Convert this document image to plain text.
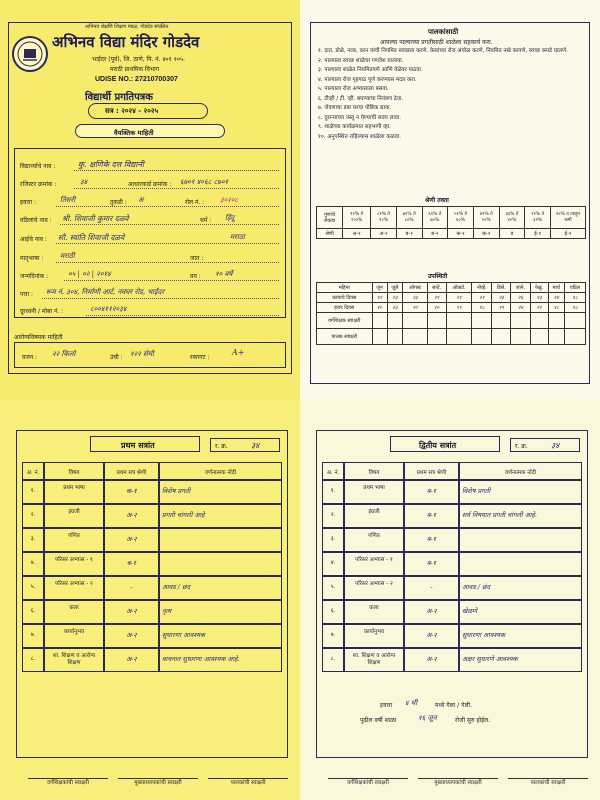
अभिनव शेक्षणि शिक्षण मंडळ, गोडदेव संचलित
अभिनव विद्या मंदिर गोडदेव
भाईंदर (पूर्व), जि. ठाणे, पि. नं. ४०१ १०५.
मराठी प्राथमिक विभाग
UDISE NO.: 27210700307
विद्यार्थी प्रगतिपत्रक
सत्र : २०२४ - २०२५
वैयक्तिक माहिती
विद्यार्थ्याचे नाव :	कु. क्षणिके दत्त विद्यानी
रजिस्टर क्रमांक :	३४	आधारकार्ड क्रमांक : ६७०१ ४०६८ ८७०१
इयत्ता :	तिसरी	तुकडी : अ	रोल नं. : ३०२०८
वडिलांचे नाव : श्री. शिवाजी कुमार दळवे	धर्म : हिंदू
आईचे नाव : सौ. स्वाति शिवाजी दळवे	मराठा
मातृभाषा : मराठी	जात :
जन्मदिनांक :	०५ | ०२ | २०१४	वय : १० वर्षे
पत्ता : रूम नं. ३०४, निर्माणी आर्ट, नवघर रोड, भाईंदर
दूरध्वनी / मोबा नं. :	८००४११२०३४
आरोग्यविषयक माहिती
वजन : २२ किलो	उंची : १२२ सेमी	रक्तगट :
A+
पालकांसाठी
आपल्या पाल्याच्या प्रगतीसाठी शाळेला सहकार्य करा.
१. दात, डोळे, नाक, कान यांची नियमित स्वच्छता करणे. केसांच्या रोज अंघोळ करणे, नियमित नखे कापणे, स्वच्छ कपडे घालणे.
२. पाल्याला स्वच्छ शाळेचा गणवेश घालावा.
३. पाल्याला शाळेत नियमितपणे आणि वेळेवर पाठवा.
४. पाल्याला रोज गृहपाठ पूर्ण करण्यास मदत करा.
५. पाल्याला रोज अभ्यासाला बसवा.
६. टीव्ही / टी. व्ही. बघण्याचा नियंत्रण ठेवा.
७. जेवणाचा डबा घरचा पौष्टिक द्यावा.
८. दुसऱ्याच्या वस्तू न घेण्याची सवय लावा.
९. शाळेच्या कार्यक्रमात सहभागी व्हा.
१०. अनुपस्थित राहिल्यास शाळेला कळवा.
श्रेणी तक्ता
गुणांचे शेकडा	९१% ते १००%	८१% ते ९०%	७१% ते ८०%	६१% ते ७०%	५१% ते ६०%	४१% ते ५०%	३३% ते ४०%	२१% ते ३२%	२०% व त्याहून कमी
श्रेणी	अ-१	अ-२	ब-१	ब-२	क-१	क-२	ड	ई-१	ई-२
उपस्थिती
महिना	जून	जुलै	ऑगस्ट	सप्टें.	ऑक्टो.	नोव्हें.	डिसें.	जाने.	फेब्रु.	मार्च	एप्रिल
कामाचे दिवस	१२	२३	२३	२१	२१	२१	२३	२६	२३	२४	१८
हजर दिवस	१०	२३	२०	२०	१९	१८	१९	२४	२२	१८	१८
वर्गशिक्षक स्वाक्षरी											
पालक स्वाक्षरी											
प्रथम सत्रांत	र. क्र.	३४
अ. नं.	विषय	प्रथम सत्र श्रेणी	वर्णनात्मक नोंदी
१.	प्रथम भाषा	क-१	विशेष प्रगती
२.	इंग्रजी	अ-२	प्रगती चांगली आहे
३.	गणित	अ-२
४.	परिसर अभ्यास - १	ब-१
५.	परिसर अभ्यास - २	-	आवड / छंद
६.	कला	अ-२	नृत्य
७.	कार्यानुभव	अ-२	सुधारणा आवश्यक
८.	शा. शिक्षण व आरोग्य शिक्षण	अ-२	वाचनात सुधारणा आवश्यक आहे.
वर्गशिक्षकांची स्वाक्षरी	मुख्याध्यापकांची स्वाक्षरी	पालकांची स्वाक्षरी
द्वितीय सत्रांत	र. क्र.	३४
अ. नं.	विषय	प्रथम सत्र श्रेणी	वर्णनात्मक नोंदी
१.	प्रथम भाषा	ब-१	विशेष प्रगती
२.	इंग्रजी	ब-१	सर्व विषयात प्रगती चांगली आहे.
३.	गणित	ब-१
४.	परिसर अभ्यास - १	ब-१
५.	परिसर अभ्यास - २	-	आवड / छंद
६.	कला	अ-२	खेळणे
७.	कार्यानुभव	अ-२	सुधारणा आवश्यक
८.	शा. शिक्षण व आरोग्य शिक्षण	अ-२	अक्षर सुधारणे आवश्यक
इयत्ता ४ थी	मध्ये गेला / गेली.
पुढील वर्षी शाळा	१६ जून	रोजी सुरु होईल.
वर्गशिक्षकांची स्वाक्षरी	मुख्याध्यापकांची स्वाक्षरी	पालकांची स्वाक्षरी
